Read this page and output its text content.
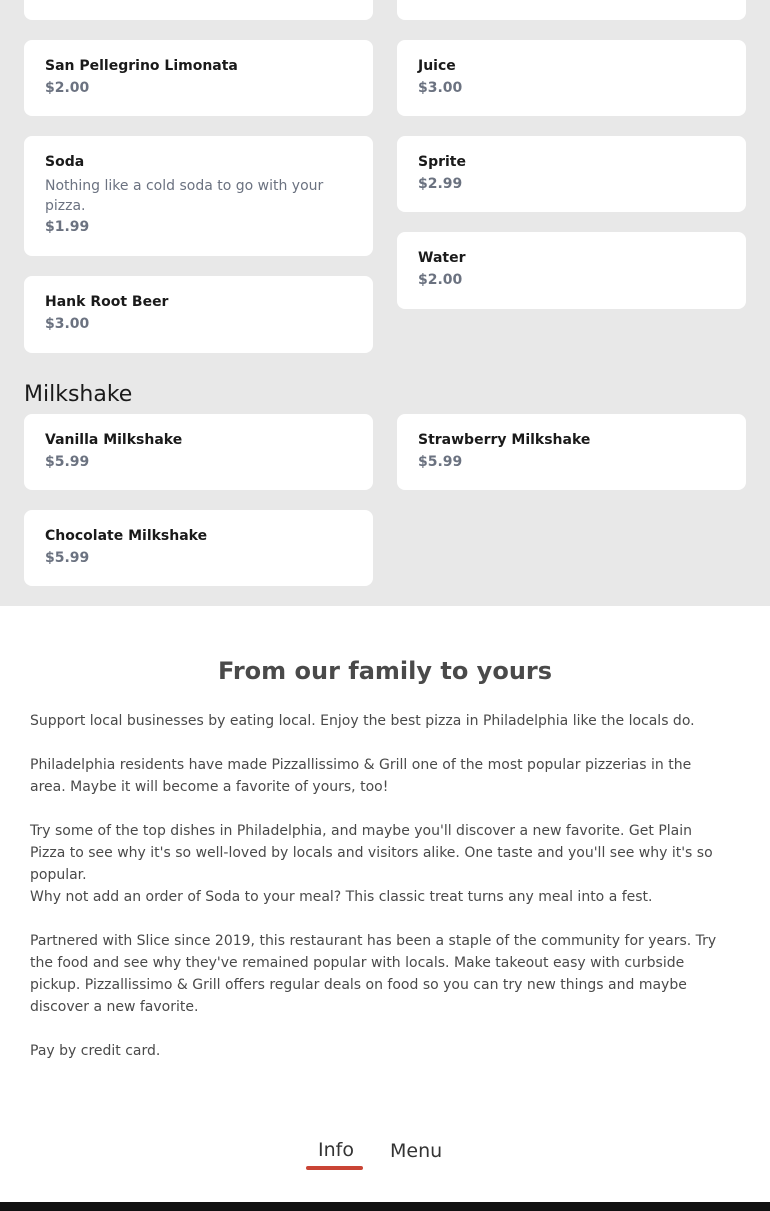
San Pellegrino Limonata
$2.00
Soda
Nothing like a cold soda to go with your pizza.
$1.99
Hank Root Beer
$3.00
Juice
$3.00
Sprite
$2.99
Water
$2.00
Milkshake
Vanilla Milkshake
$5.99
Strawberry Milkshake
$5.99
Chocolate Milkshake
$5.99
From our family to yours

Support local businesses by eating local. Enjoy the best pizza in Philadelphia like the locals do.

Philadelphia residents have made Pizzallissimo & Grill one of the most popular pizzerias in the area. Maybe it will become a favorite of yours, too!

Try some of the top dishes in Philadelphia, and maybe you'll discover a new favorite. Get Plain Pizza to see why it's so well-loved by locals and visitors alike. One taste and you'll see why it's so popular.

Why not add an order of Soda to your meal? This classic treat turns any meal into a fest.

Partnered with Slice since 2019, this restaurant has been a staple of the community for years. Try the food and see why they've remained popular with locals. Make takeout easy with curbside pickup. Pizzallissimo & Grill offers regular deals on food so you can try new things and maybe discover a new favorite.

Pay by credit card.

Info Menu
